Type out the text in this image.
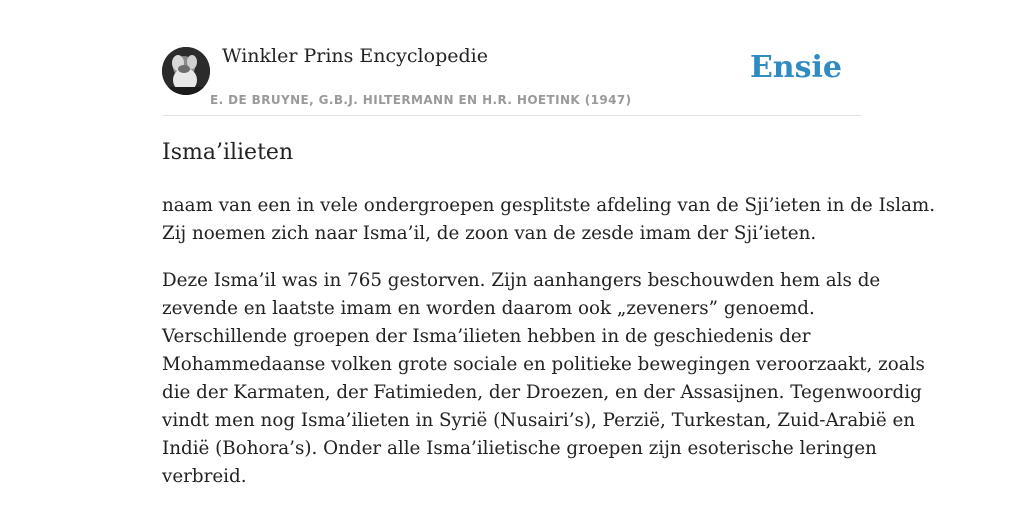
Winkler Prins Encyclopedie
E. DE BRUYNE, G.B.J. HILTERMANN EN H.R. HOETINK (1947)
Ensie
Isma’ilieten

naam van een in vele ondergroepen gesplitste afdeling van de Sji’ieten in de Islam.
Zij noemen zich naar Isma’il, de zoon van de zesde imam der Sji’ieten.

Deze Isma’il was in 765 gestorven. Zijn aanhangers beschouwden hem als de
zevende en laatste imam en worden daarom ook „zeveners” genoemd.
Verschillende groepen der Isma’ilieten hebben in de geschiedenis der
Mohammedaanse volken grote sociale en politieke bewegingen veroorzaakt, zoals
die der Karmaten, der Fatimieden, der Droezen, en der Assasijnen. Tegenwoordig
vindt men nog Isma’ilieten in Syrië (Nusairi’s), Perzië, Turkestan, Zuid-Arabië en
Indië (Bohora’s). Onder alle Isma’ilietische groepen zijn esoterische leringen
verbreid.
